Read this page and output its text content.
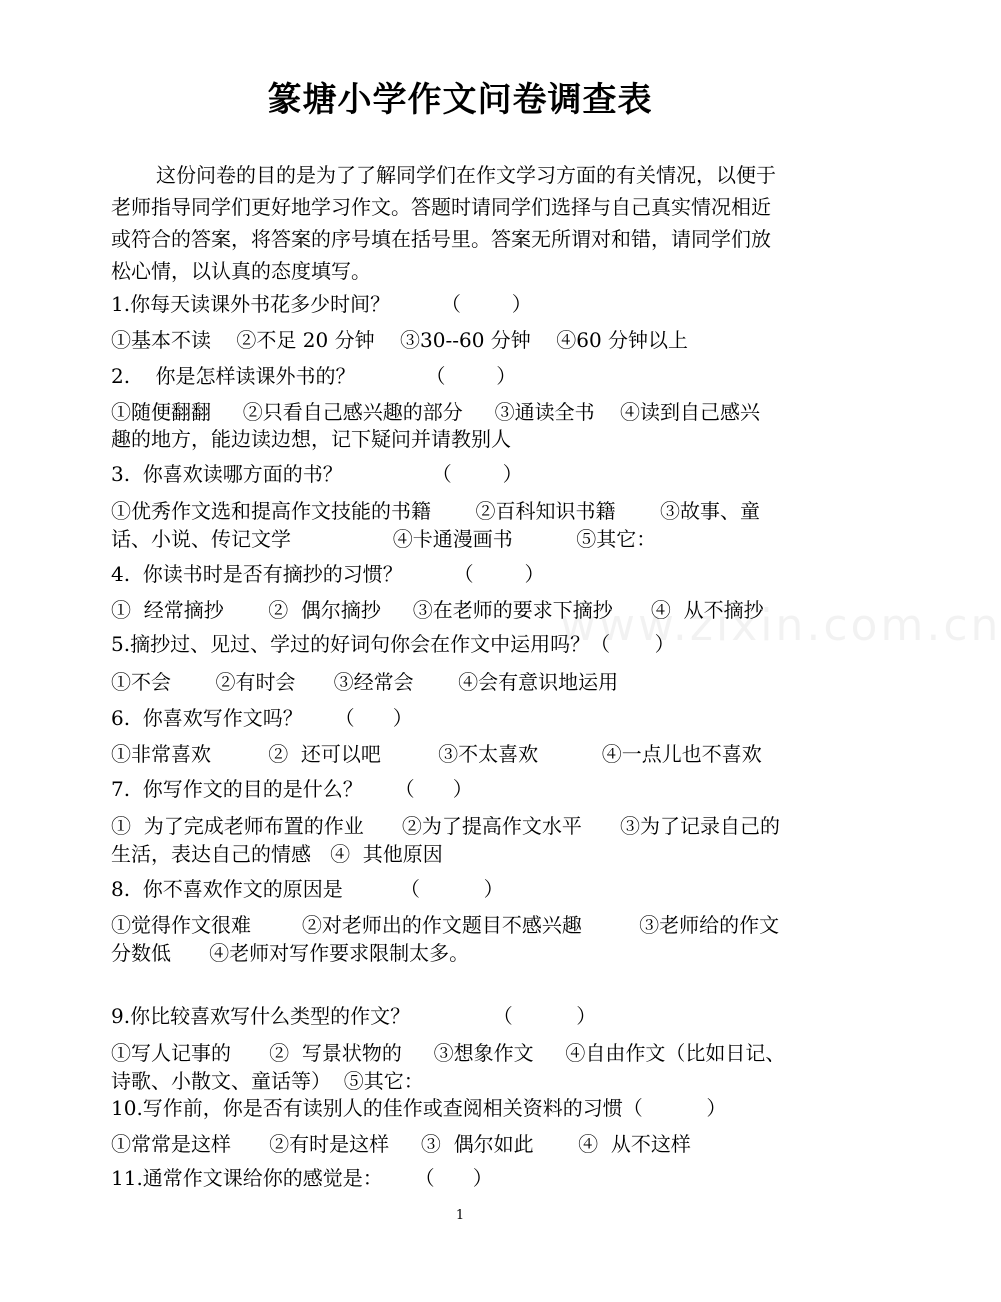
篆塘小学作文问卷调查表
这份问卷的目的是为了了解同学们在作文学习方面的有关情况，以便于
老师指导同学们更好地学习作文。答题时请同学们选择与自己真实情况相近
或符合的答案，将答案的序号填在括号里。答案无所谓对和错，请同学们放
松心情，以认真的态度填写。
1.你每天读课外书花多少时间？        （        ）
①基本不读    ②不足 20 分钟    ③30--60 分钟    ④60 分钟以上
2.    你是怎样读课外书的？           （        ）
①随便翻翻     ②只看自己感兴趣的部分     ③通读全书    ④读到自己感兴
趣的地方，能边读边想，记下疑问并请教别人
3.  你喜欢读哪方面的书？              （        ）
①优秀作文选和提高作文技能的书籍       ②百科知识书籍       ③故事、童
话、小说、传记文学                ④卡通漫画书          ⑤其它：
4.  你读书时是否有摘抄的习惯？        （        ）
①  经常摘抄       ②  偶尔摘抄     ③在老师的要求下摘抄      ④  从不摘抄
5.摘抄过、见过、学过的好词句你会在作文中运用吗？（       ）
①不会       ②有时会      ③经常会       ④会有意识地运用
6.  你喜欢写作文吗？     （      ）
①非常喜欢         ②  还可以吧         ③不太喜欢          ④一点儿也不喜欢
7.  你写作文的目的是什么？     （      ）
①  为了完成老师布置的作业      ②为了提高作文水平      ③为了记录自己的
生活，表达自己的情感   ④  其他原因
8.  你不喜欢作文的原因是         （          ）
①觉得作文很难        ②对老师出的作文题目不感兴趣         ③老师给的作文
分数低      ④老师对写作要求限制太多。
9.你比较喜欢写什么类型的作文？             （          ）
①写人记事的      ②  写景状物的     ③想象作文     ④自由作文（比如日记、
诗歌、小散文、童话等）  ⑤其它：
10.写作前，你是否有读别人的佳作或查阅相关资料的习惯（          ）
①常常是这样      ②有时是这样     ③  偶尔如此       ④  从不这样
11.通常作文课给你的感觉是：     （      ）
www.zixin.com.cn
1
